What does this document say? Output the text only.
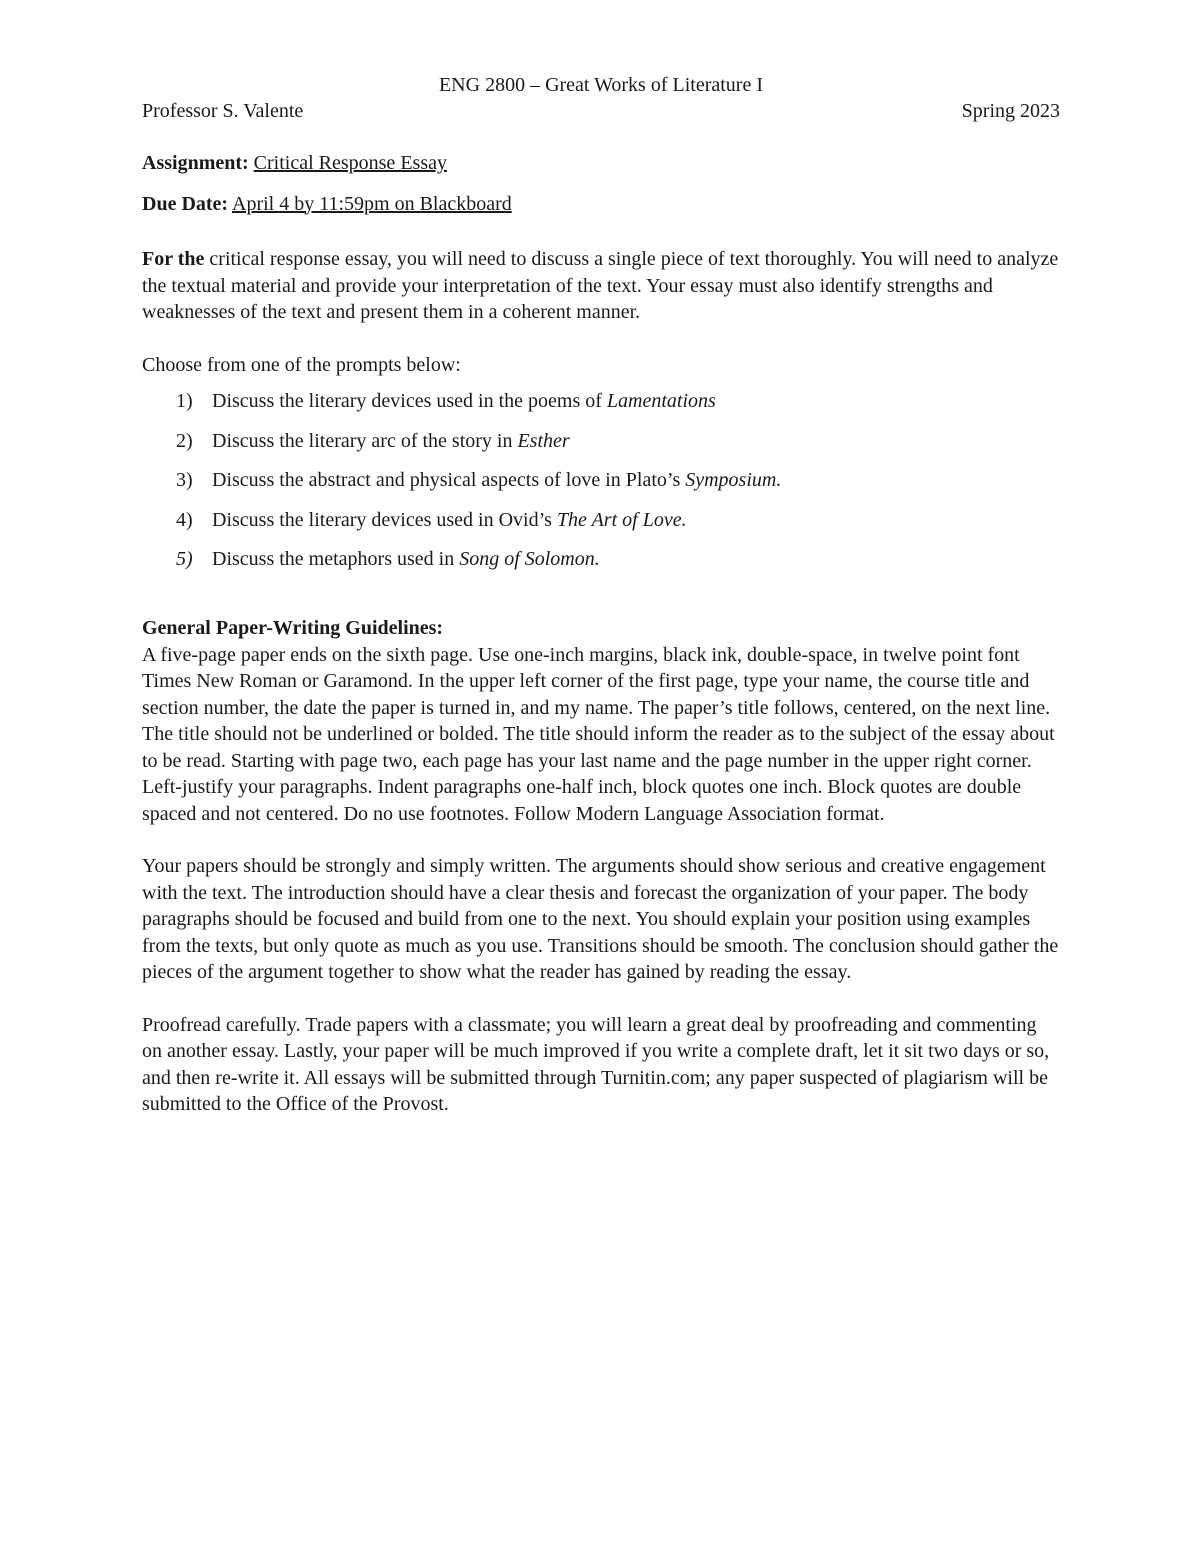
ENG 2800 – Great Works of Literature I

Professor S. Valente	Spring 2023

Assignment: Critical Response Essay

Due Date: April 4 by 11:59pm on Blackboard

For the critical response essay, you will need to discuss a single piece of text thoroughly. You will need to analyze the textual material and provide your interpretation of the text. Your essay must also identify strengths and weaknesses of the text and present them in a coherent manner.

Choose from one of the prompts below:

1) Discuss the literary devices used in the poems of Lamentations
2) Discuss the literary arc of the story in Esther
3) Discuss the abstract and physical aspects of love in Plato’s Symposium.
4) Discuss the literary devices used in Ovid’s The Art of Love.
5) Discuss the metaphors used in Song of Solomon.

General Paper-Writing Guidelines:

A five-page paper ends on the sixth page. Use one-inch margins, black ink, double-space, in twelve point font Times New Roman or Garamond. In the upper left corner of the first page, type your name, the course title and section number, the date the paper is turned in, and my name. The paper’s title follows, centered, on the next line. The title should not be underlined or bolded. The title should inform the reader as to the subject of the essay about to be read. Starting with page two, each page has your last name and the page number in the upper right corner. Left-justify your paragraphs. Indent paragraphs one-half inch, block quotes one inch. Block quotes are double spaced and not centered. Do no use footnotes. Follow Modern Language Association format.

Your papers should be strongly and simply written. The arguments should show serious and creative engagement with the text. The introduction should have a clear thesis and forecast the organization of your paper. The body paragraphs should be focused and build from one to the next. You should explain your position using examples from the texts, but only quote as much as you use. Transitions should be smooth. The conclusion should gather the pieces of the argument together to show what the reader has gained by reading the essay.

Proofread carefully. Trade papers with a classmate; you will learn a great deal by proofreading and commenting on another essay. Lastly, your paper will be much improved if you write a complete draft, let it sit two days or so, and then re-write it. All essays will be submitted through Turnitin.com; any paper suspected of plagiarism will be submitted to the Office of the Provost.
